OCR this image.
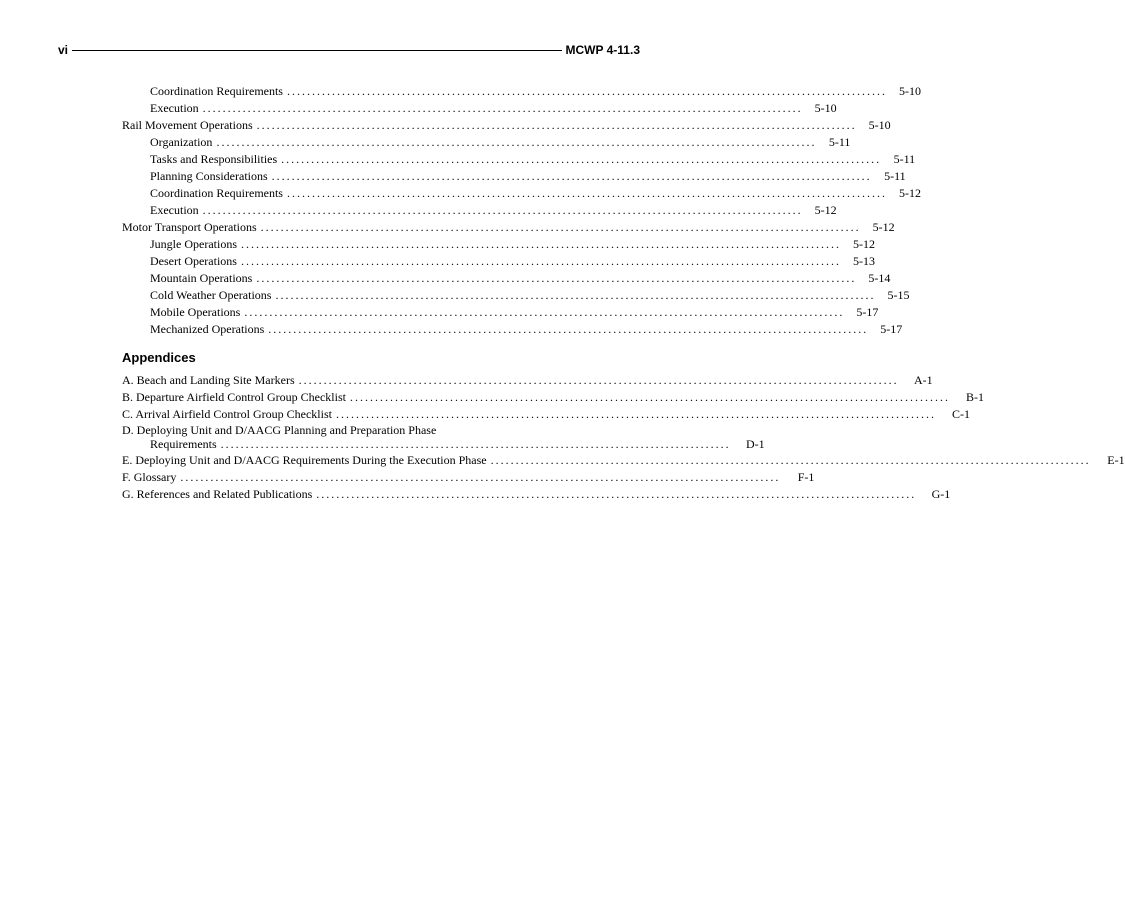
vi	MCWP 4-11.3
Coordination Requirements ........................................................................................................................	5-10
Execution ........................................................................................................................	5-10
Rail Movement Operations ........................................................................................................................	5-10
Organization ........................................................................................................................	5-11
Tasks and Responsibilities ........................................................................................................................	5-11
Planning Considerations ........................................................................................................................	5-11
Coordination Requirements ........................................................................................................................	5-12
Execution ........................................................................................................................	5-12
Motor Transport Operations ........................................................................................................................	5-12
Jungle Operations ........................................................................................................................	5-12
Desert Operations ........................................................................................................................	5-13
Mountain Operations ........................................................................................................................	5-14
Cold Weather Operations ........................................................................................................................	5-15
Mobile Operations ........................................................................................................................	5-17
Mechanized Operations ........................................................................................................................	5-17
Appendices
A. Beach and Landing Site Markers ........................................................................................................................	A-1
B. Departure Airfield Control Group Checklist ........................................................................................................................	B-1
C. Arrival Airfield Control Group Checklist ........................................................................................................................	C-1
D. Deploying Unit and D/AACG Planning and Preparation Phase
Requirements ......................................................................................................	D-1
E. Deploying Unit and D/AACG Requirements During the Execution Phase ........................................................................................................................	E-1
F. Glossary ........................................................................................................................	F-1
G. References and Related Publications ........................................................................................................................	G-1
